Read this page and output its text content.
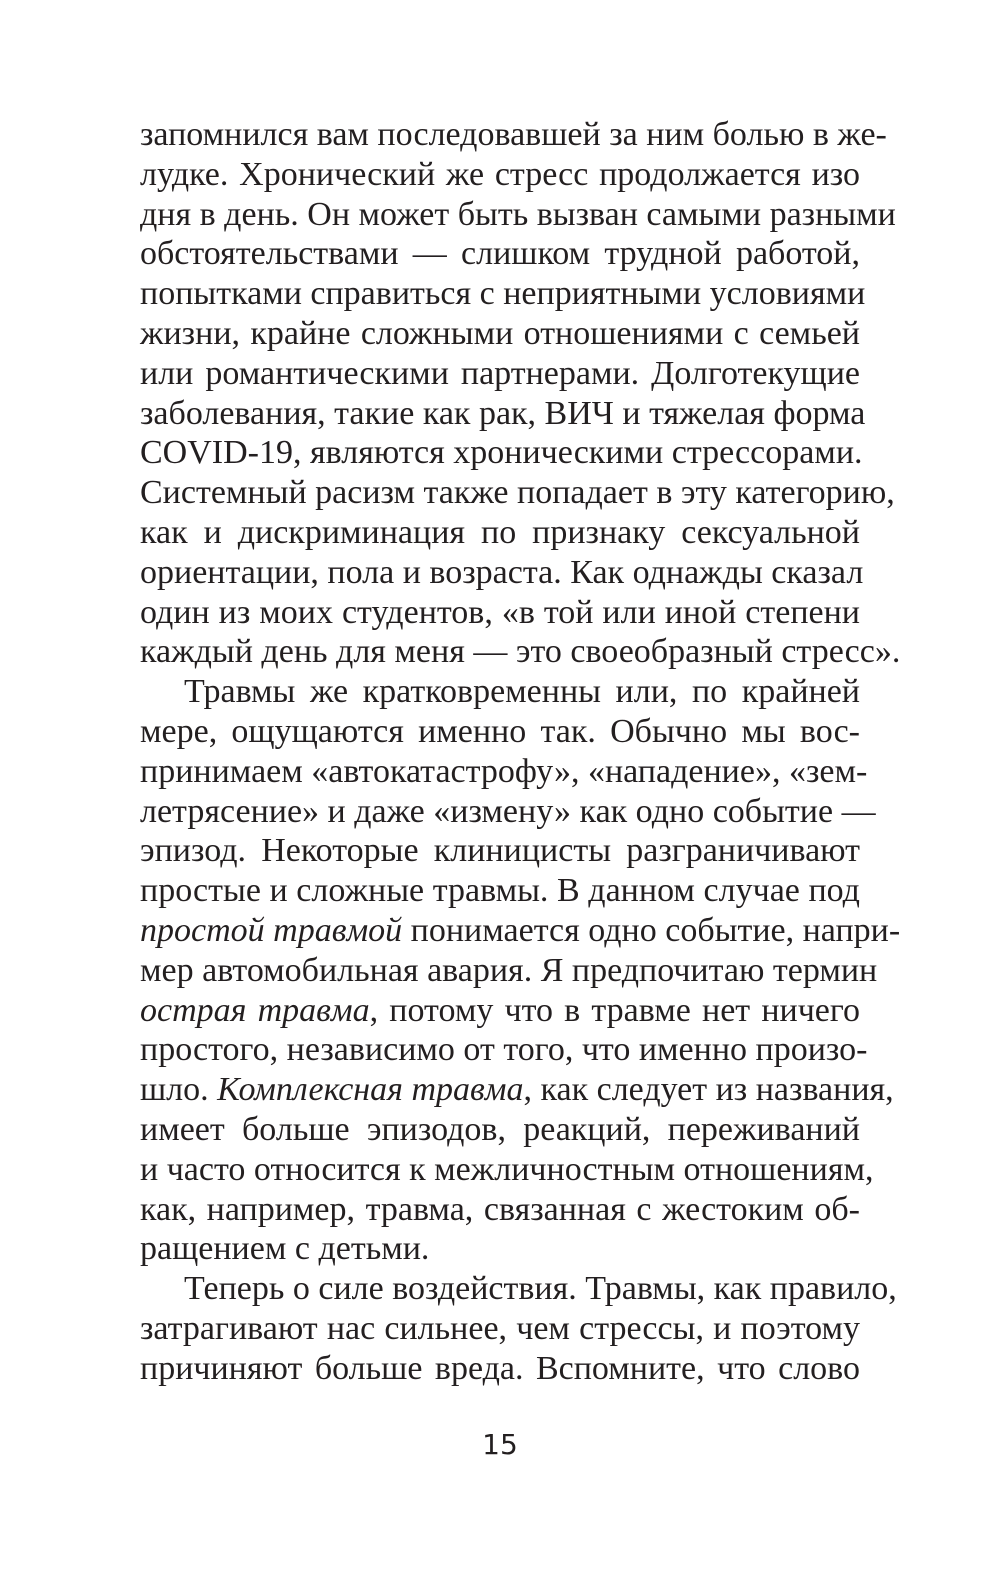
запомнился вам последовавшей за ним болью в же-
лудке. Хронический же стресс продолжается изо
дня в день. Он может быть вызван самыми разными
обстоятельствами — слишком трудной работой,
попытками справиться с неприятными условиями
жизни, крайне сложными отношениями с семьей
или романтическими партнерами. Долготекущие
заболевания, такие как рак, ВИЧ и тяжелая форма
COVID-19, являются хроническими стрессорами.
Системный расизм также попадает в эту категорию,
как и дискриминация по признаку сексуальной
ориентации, пола и возраста. Как однажды сказал
один из моих студентов, «в той или иной степени
каждый день для меня — это своеобразный стресс».
Травмы же кратковременны или, по крайней
мере, ощущаются именно так. Обычно мы вос-
принимаем «автокатастрофу», «нападение», «зем-
летрясение» и даже «измену» как одно событие —
эпизод. Некоторые клиницисты разграничивают
простые и сложные травмы. В данном случае под
простой травмой понимается одно событие, напри-
мер автомобильная авария. Я предпочитаю термин
острая травма, потому что в травме нет ничего
простого, независимо от того, что именно произо-
шло. Комплексная травма, как следует из названия,
имеет больше эпизодов, реакций, переживаний
и часто относится к межличностным отношениям,
как, например, травма, связанная с жестоким об-
ращением с детьми.
Теперь о силе воздействия. Травмы, как правило,
затрагивают нас сильнее, чем стрессы, и поэтому
причиняют больше вреда. Вспомните, что слово
15
